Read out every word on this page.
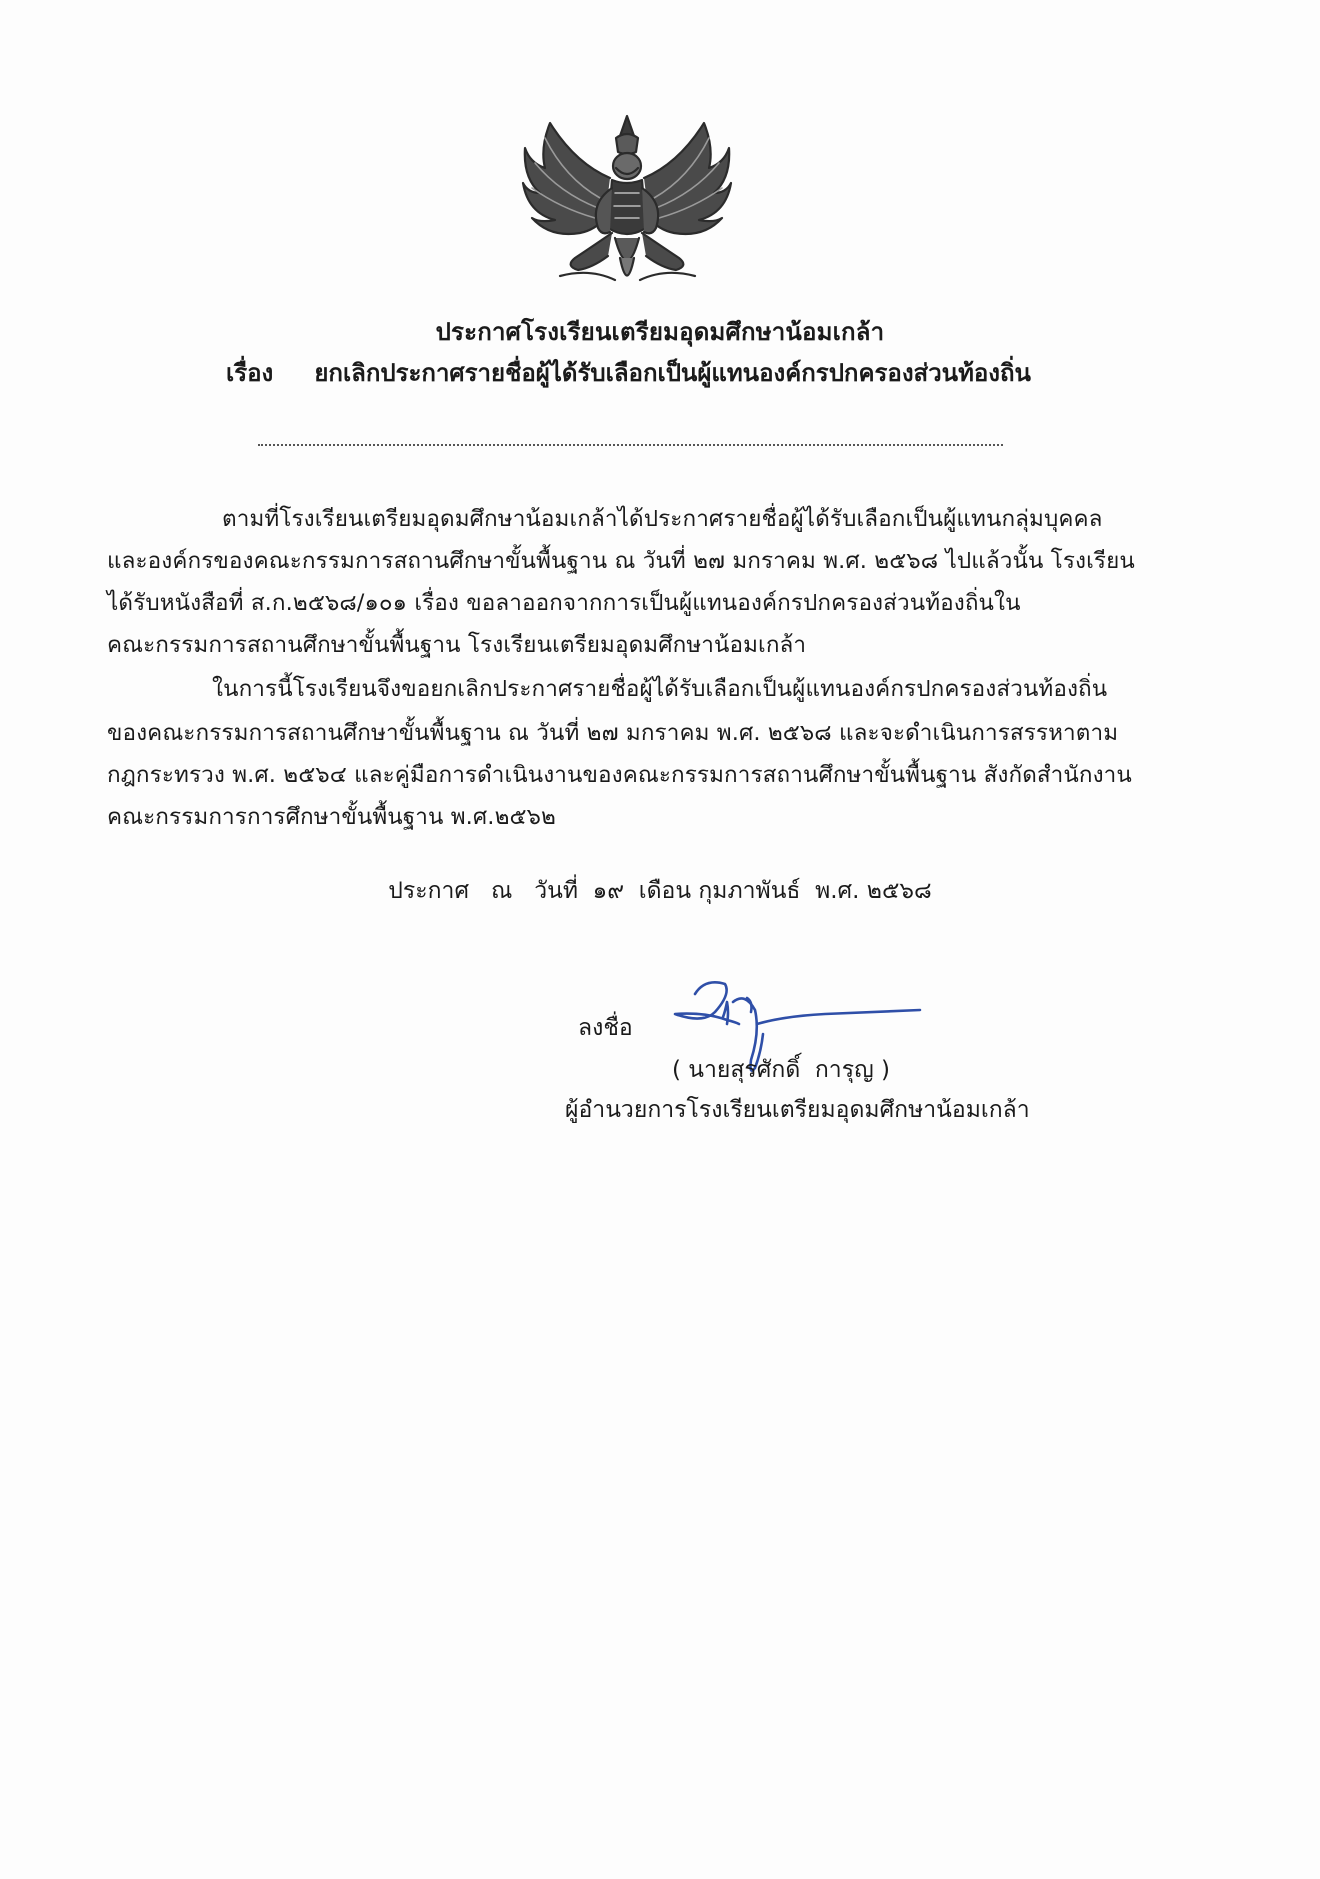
ประกาศโรงเรียนเตรียมอุดมศึกษาน้อมเกล้า
เรื่อง ยกเลิกประกาศรายชื่อผู้ได้รับเลือกเป็นผู้แทนองค์กรปกครองส่วนท้องถิ่น
ตามที่โรงเรียนเตรียมอุดมศึกษาน้อมเกล้าได้ประกาศรายชื่อผู้ได้รับเลือกเป็นผู้แทนกลุ่มบุคคล
และองค์กรของคณะกรรมการสถานศึกษาขั้นพื้นฐาน ณ วันที่ ๒๗ มกราคม พ.ศ. ๒๕๖๘ ไปแล้วนั้น โรงเรียน
ได้รับหนังสือที่ ส.ก.๒๕๖๘/๑๐๑ เรื่อง ขอลาออกจากการเป็นผู้แทนองค์กรปกครองส่วนท้องถิ่นใน
คณะกรรมการสถานศึกษาขั้นพื้นฐาน โรงเรียนเตรียมอุดมศึกษาน้อมเกล้า
ในการนี้โรงเรียนจึงขอยกเลิกประกาศรายชื่อผู้ได้รับเลือกเป็นผู้แทนองค์กรปกครองส่วนท้องถิ่น
ของคณะกรรมการสถานศึกษาขั้นพื้นฐาน ณ วันที่ ๒๗ มกราคม พ.ศ. ๒๕๖๘ และจะดำเนินการสรรหาตาม
กฎกระทรวง พ.ศ. ๒๕๖๔ และคู่มือการดำเนินงานของคณะกรรมการสถานศึกษาขั้นพื้นฐาน สังกัดสำนักงาน
คณะกรรมการการศึกษาขั้นพื้นฐาน พ.ศ.๒๕๖๒
ประกาศ   ณ   วันที่  ๑๙  เดือน กุมภาพันธ์  พ.ศ. ๒๕๖๘
ลงชื่อ
( นายสุรศักดิ์  การุญ )
ผู้อำนวยการโรงเรียนเตรียมอุดมศึกษาน้อมเกล้า
